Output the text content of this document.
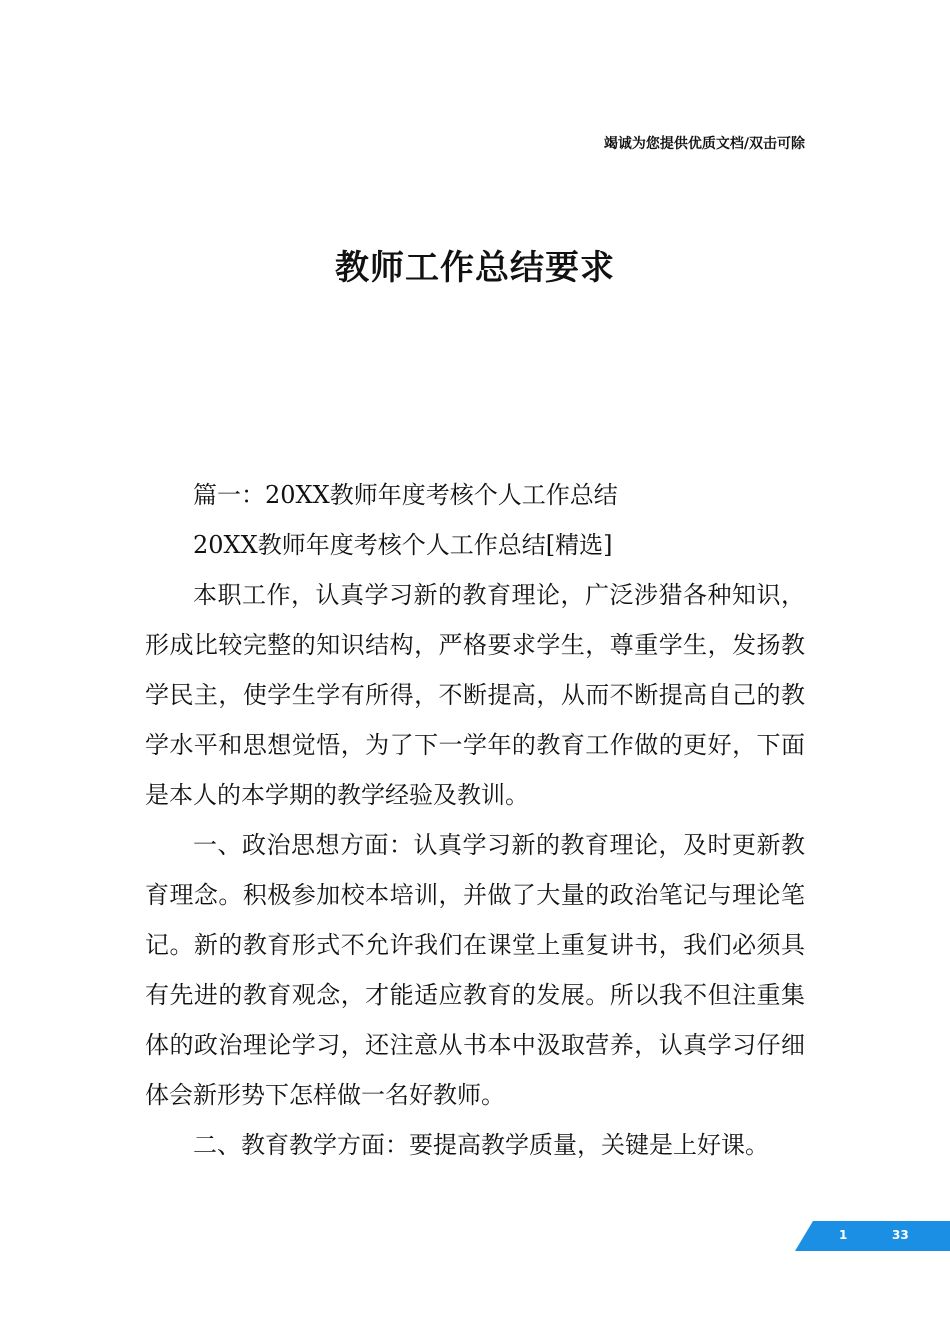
竭诚为您提供优质文档/双击可除
教师工作总结要求

篇一：20XX教师年度考核个人工作总结

20XX教师年度考核个人工作总结[精选]

本职工作，认真学习新的教育理论，广泛涉猎各种知识，形成比较完整的知识结构，严格要求学生，尊重学生，发扬教学民主，使学生学有所得，不断提高，从而不断提高自己的教学水平和思想觉悟，为了下一学年的教育工作做的更好，下面是本人的本学期的教学经验及教训。

一、政治思想方面：认真学习新的教育理论，及时更新教育理念。积极参加校本培训，并做了大量的政治笔记与理论笔记。新的教育形式不允许我们在课堂上重复讲书，我们必须具有先进的教育观念，才能适应教育的发展。所以我不但注重集体的政治理论学习，还注意从书本中汲取营养，认真学习仔细体会新形势下怎样做一名好教师。

二、教育教学方面：要提高教学质量，关键是上好课。

1	33
